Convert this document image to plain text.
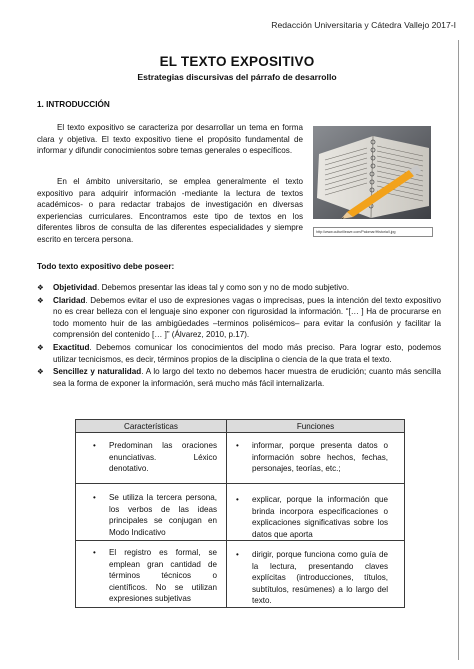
Redacción Universitaria y Cátedra Vallejo 2017-I
EL TEXTO EXPOSITIVO
Estrategias discursivas del párrafo de desarrollo
1. INTRODUCCIÓN

El texto expositivo se caracteriza por desarrollar un tema en forma clara y objetiva. El texto expositivo tiene el propósito fundamental de informar y difundir conocimientos sobre temas generales o específicos.

En el ámbito universitario, se emplea generalmente el texto expositivo para adquirir información -mediante la lectura de textos académicos- o para redactar trabajos de investigación en diversas experiencias curriculares. Encontramos este tipo de textos en los diferentes libros de consulta de las diferentes especialidades y siempre escrito en tercera persona.

http://www.culturilleave.com/Palomar/Historia/l.jpg
Todo texto expositivo debe poseer:
❖ Objetividad. Debemos presentar las ideas tal y como son y no de modo subjetivo.
❖ Claridad. Debemos evitar el uso de expresiones vagas o imprecisas, pues la intención del texto expositivo no es crear belleza con el lenguaje sino exponer con rigurosidad la información. “[… ] Ha de procurarse en todo momento huir de las ambigüedades –terminos polisémicos– para evitar la confusión y facilitar la comprensión del contenido [… ]” (Álvarez, 2010, p.17).
❖ Exactitud. Debemos comunicar los conocimientos del modo más preciso. Para lograr esto, podemos utilizar tecnicismos, es decir, términos propios de la disciplina o ciencia de la que trata el texto.
❖ Sencillez y naturalidad. A lo largo del texto no debemos hacer muestra de erudición; cuanto más sencilla sea la forma de exponer la información, será mucho más fácil internalizarla.
Características	Funciones

• Predominan las oraciones enunciativas. Léxico denotativo.	• informar, porque presenta datos o información sobre hechos, fechas, personajes, teorías, etc.;

• Se utiliza la tercera persona, los verbos de las ideas principales se conjugan en Modo Indicativo	• explicar, porque la información que brinda incorpora especificaciones o explicaciones significativas sobre los datos que aporta

• El registro es formal, se emplean gran cantidad de términos técnicos o científicos. No se utilizan expresiones subjetivas	• dirigir, porque funciona como guía de la lectura, presentando claves explícitas (introducciones, títulos, subtítulos, resúmenes) a lo largo del texto.
